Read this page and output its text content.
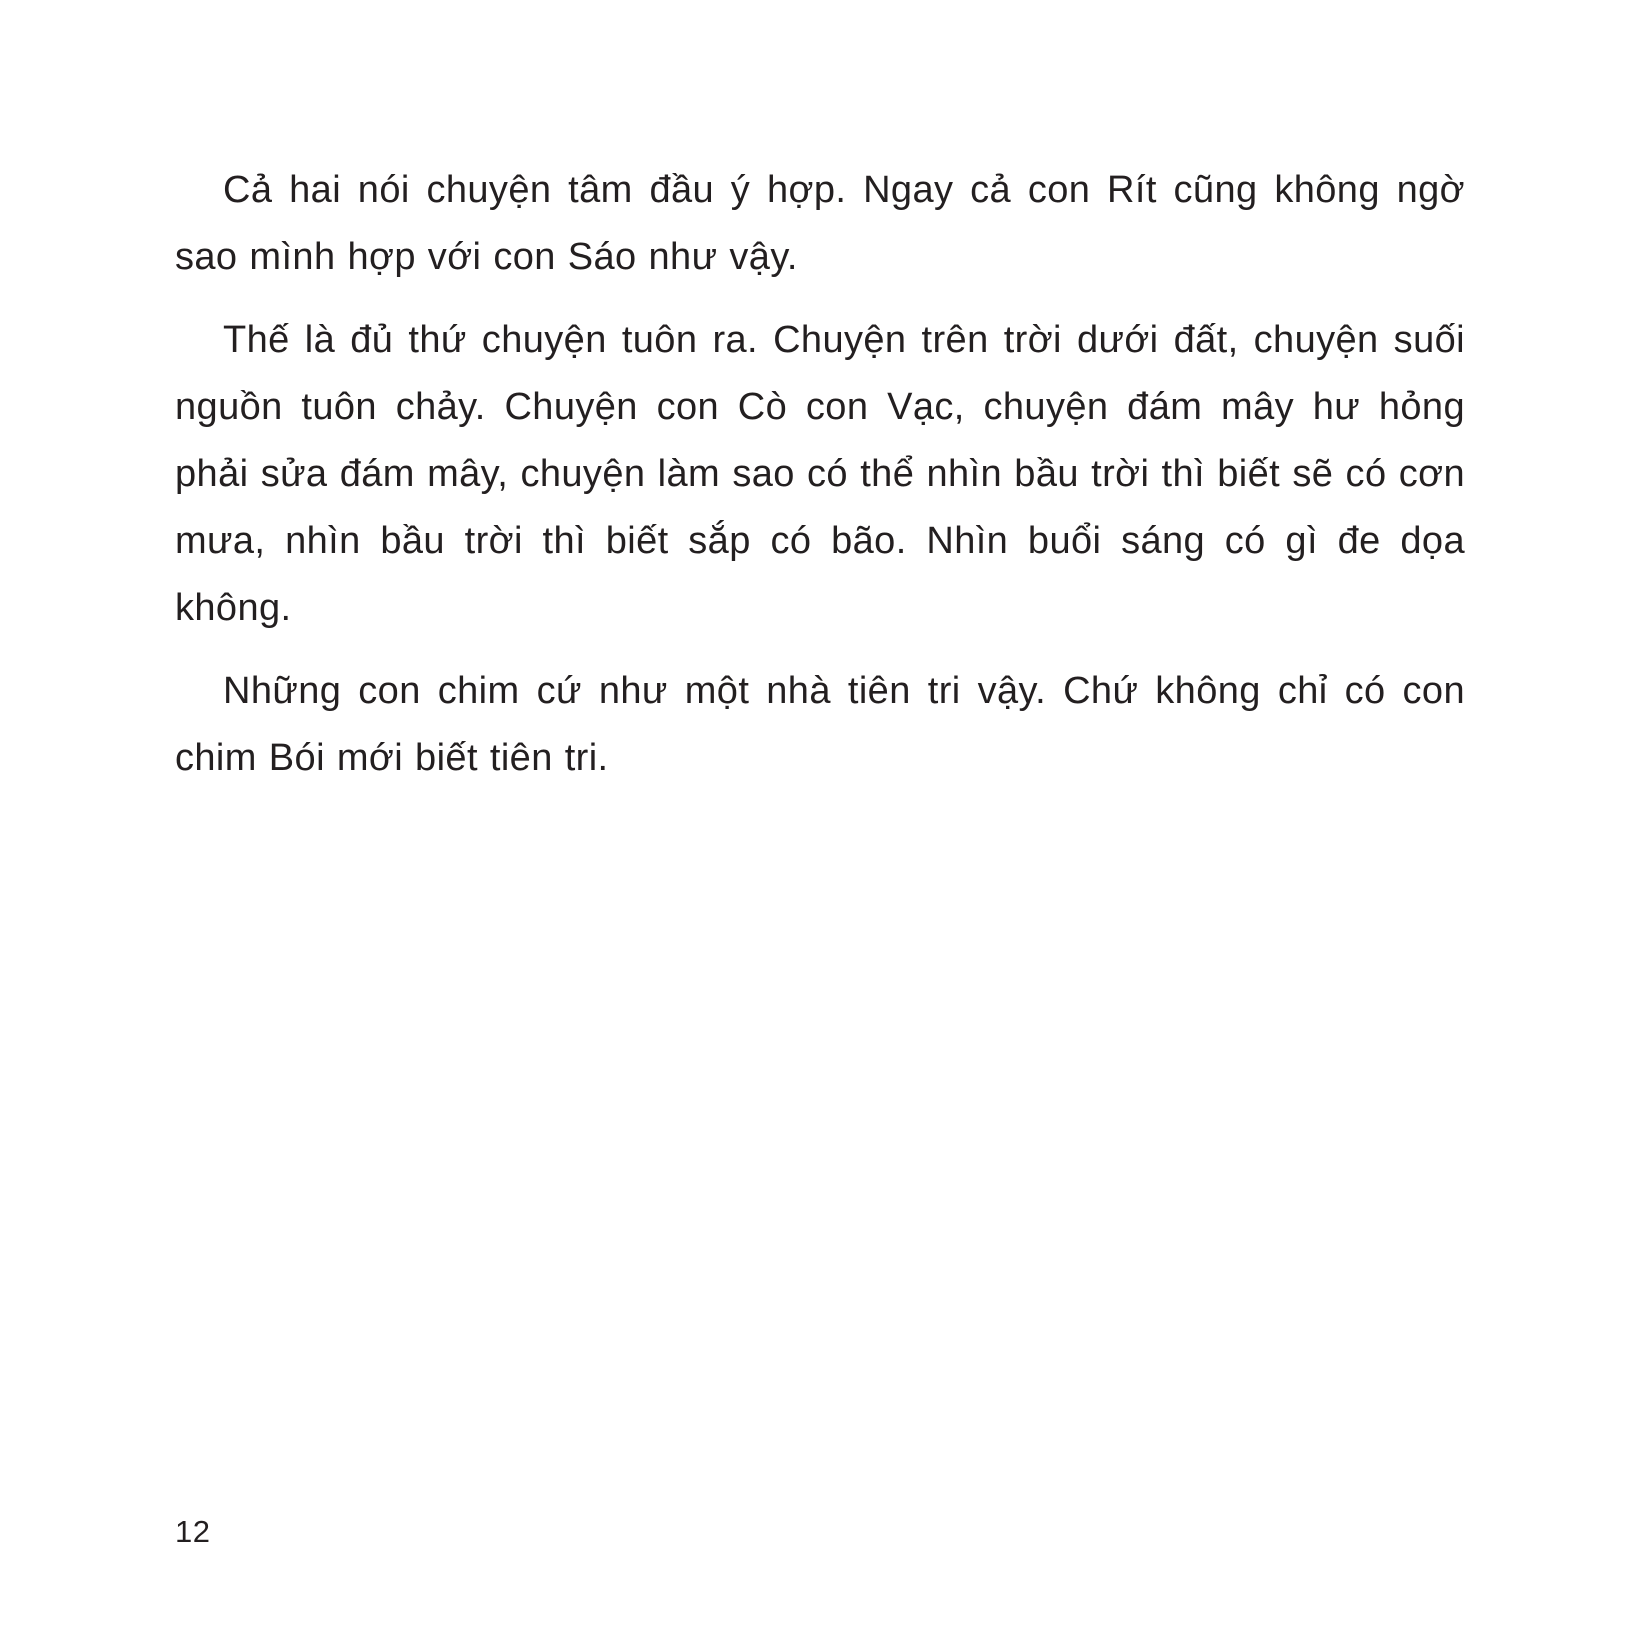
Cả hai nói chuyện tâm đầu ý hợp. Ngay cả con Rít cũng không ngờ sao mình hợp với con Sáo như vậy.

Thế là đủ thứ chuyện tuôn ra. Chuyện trên trời dưới đất, chuyện suối nguồn tuôn chảy. Chuyện con Cò con Vạc, chuyện đám mây hư hỏng phải sửa đám mây, chuyện làm sao có thể nhìn bầu trời thì biết sẽ có cơn mưa, nhìn bầu trời thì biết sắp có bão. Nhìn buổi sáng có gì đe dọa không.

Những con chim cứ như một nhà tiên tri vậy. Chứ không chỉ có con chim Bói mới biết tiên tri.

12
